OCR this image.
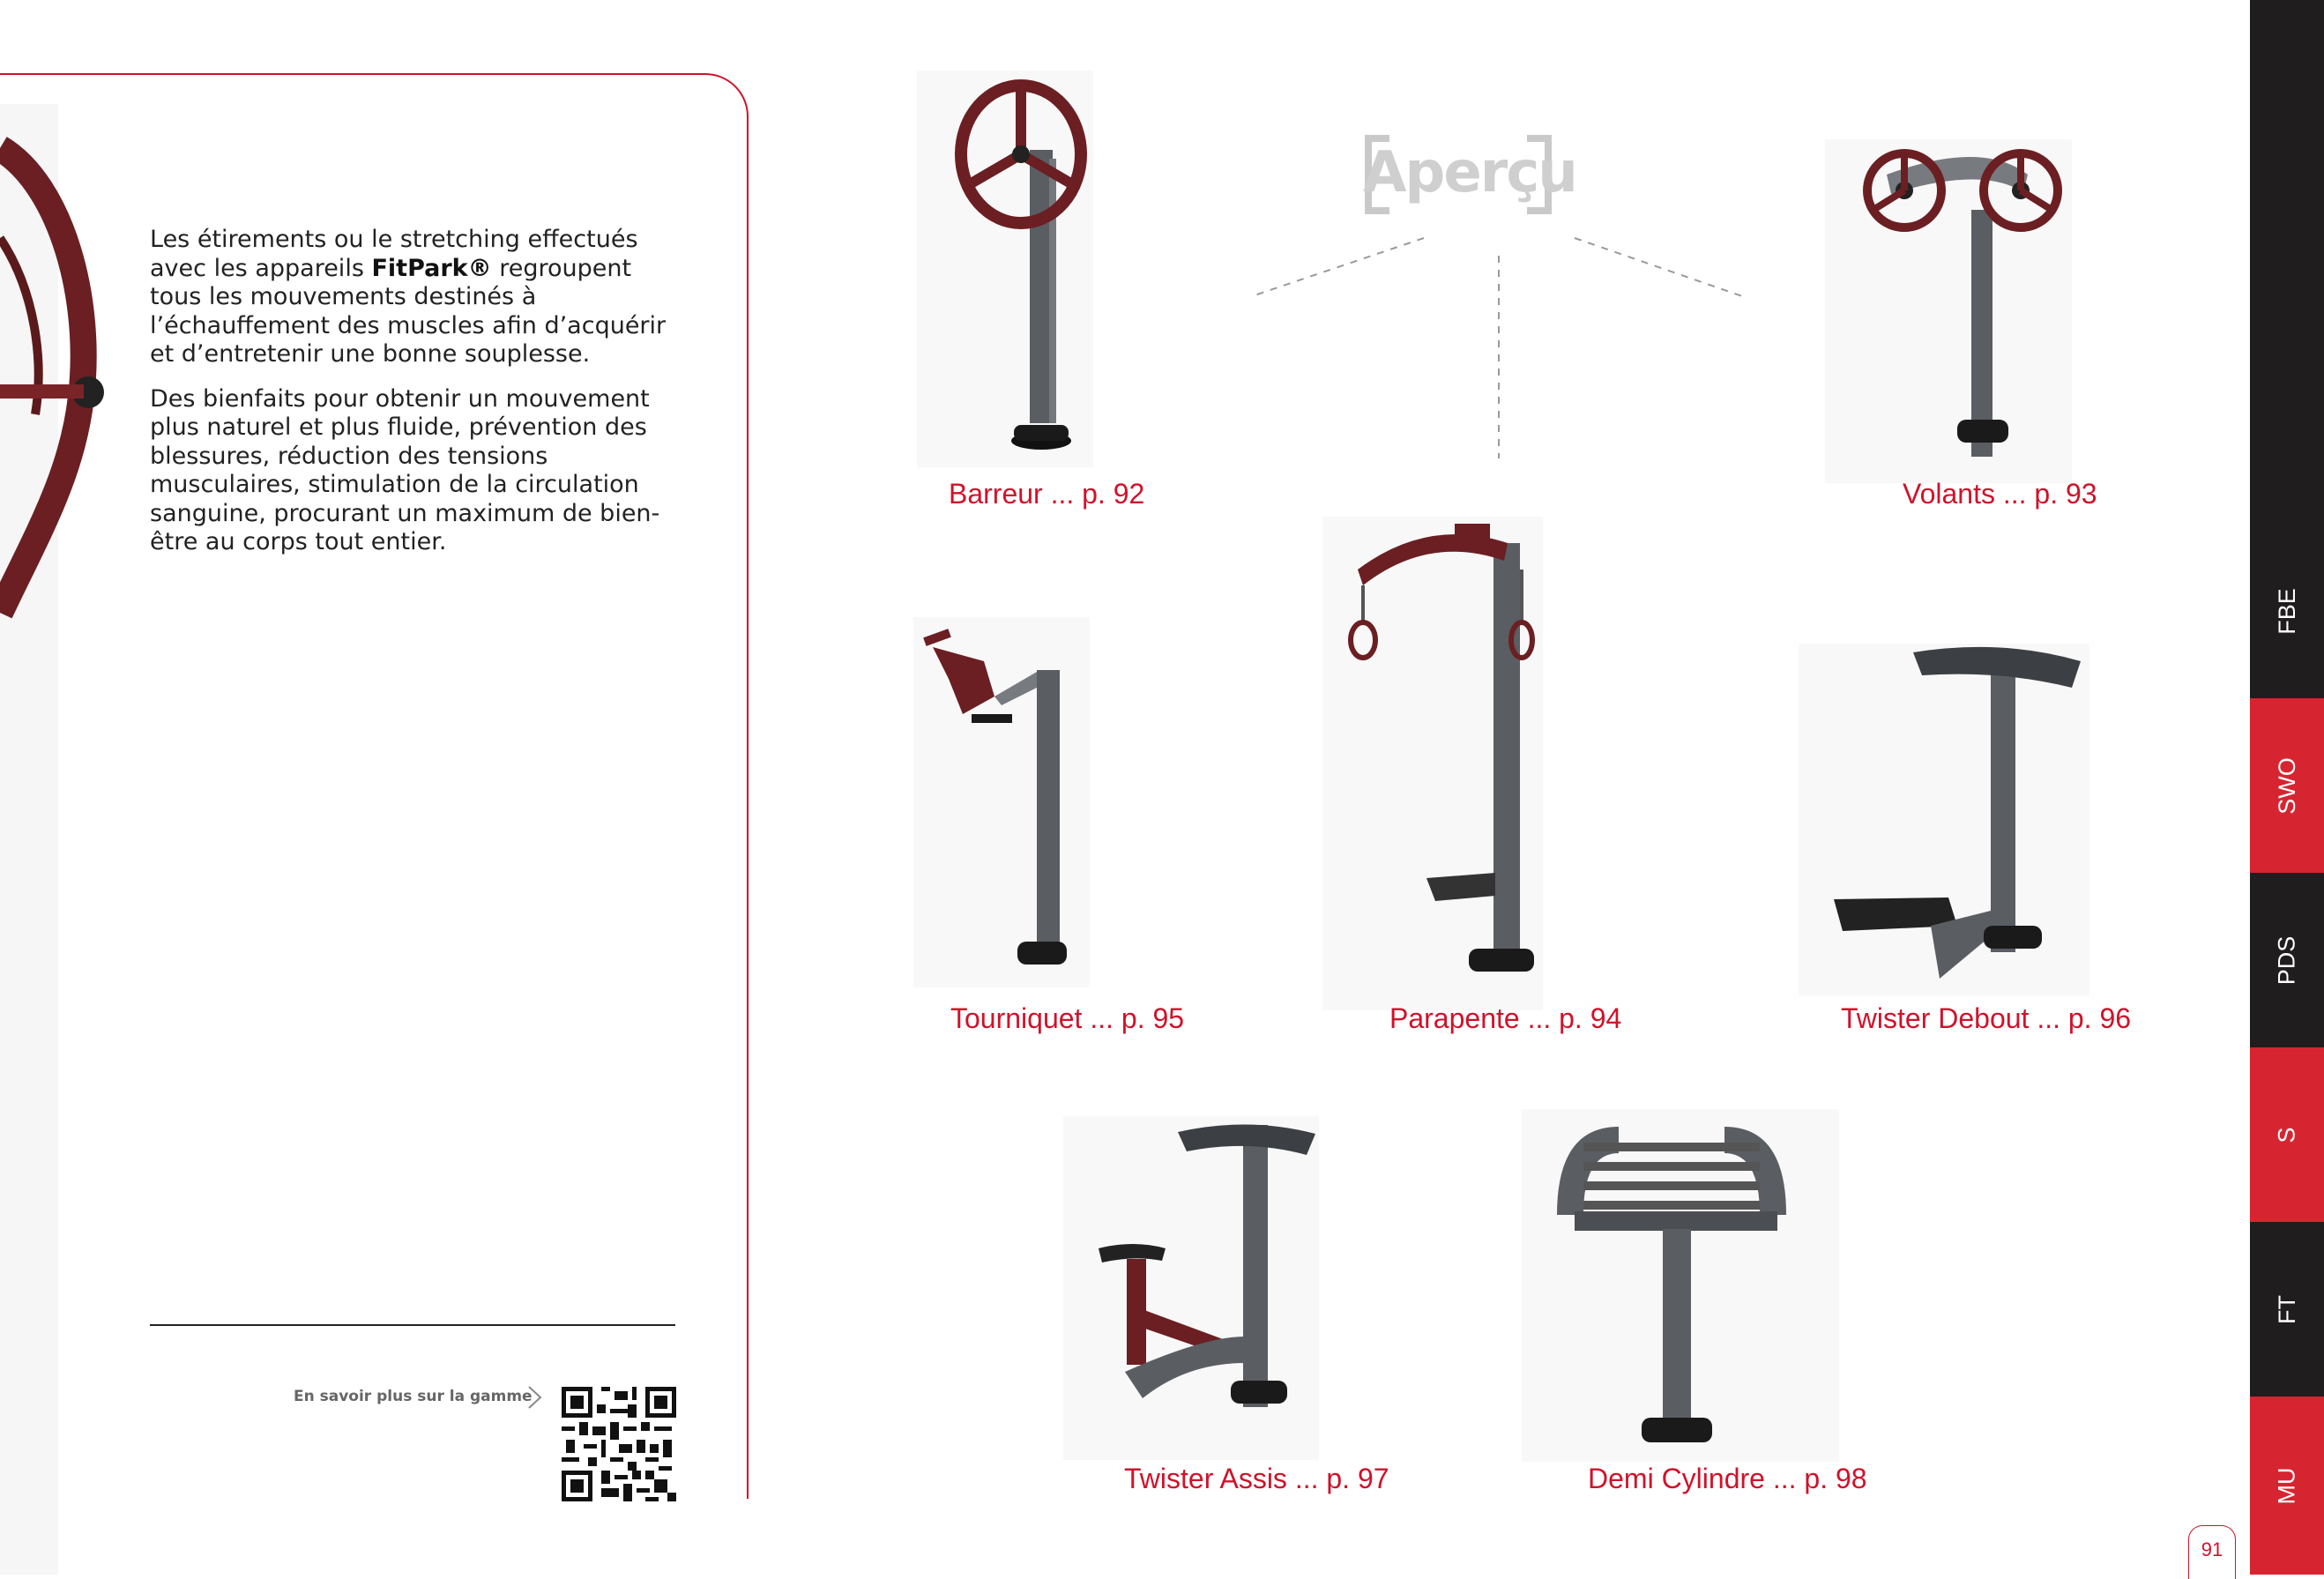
Les étirements ou le stretching effectués avec les appareils FitPark® regroupent tous les mouvements destinés à l’échauffement des muscles afin d’acquérir et d’entretenir une bonne souplesse.

Des bienfaits pour obtenir un mouvement plus naturel et plus fluide, prévention des blessures, réduction des tensions musculaires, stimulation de la circulation sanguine, procurant un maximum de bien-être au corps tout entier.

En savoir plus sur la gamme
Aperçu
Barreur ... p. 92	Volants ... p. 93
Tourniquet ... p. 95	Parapente ... p. 94	Twister Debout ... p. 96
Twister Assis ... p. 97	Demi Cylindre ... p. 98
FBE
SWO
PDS
S
FT
MU
91
